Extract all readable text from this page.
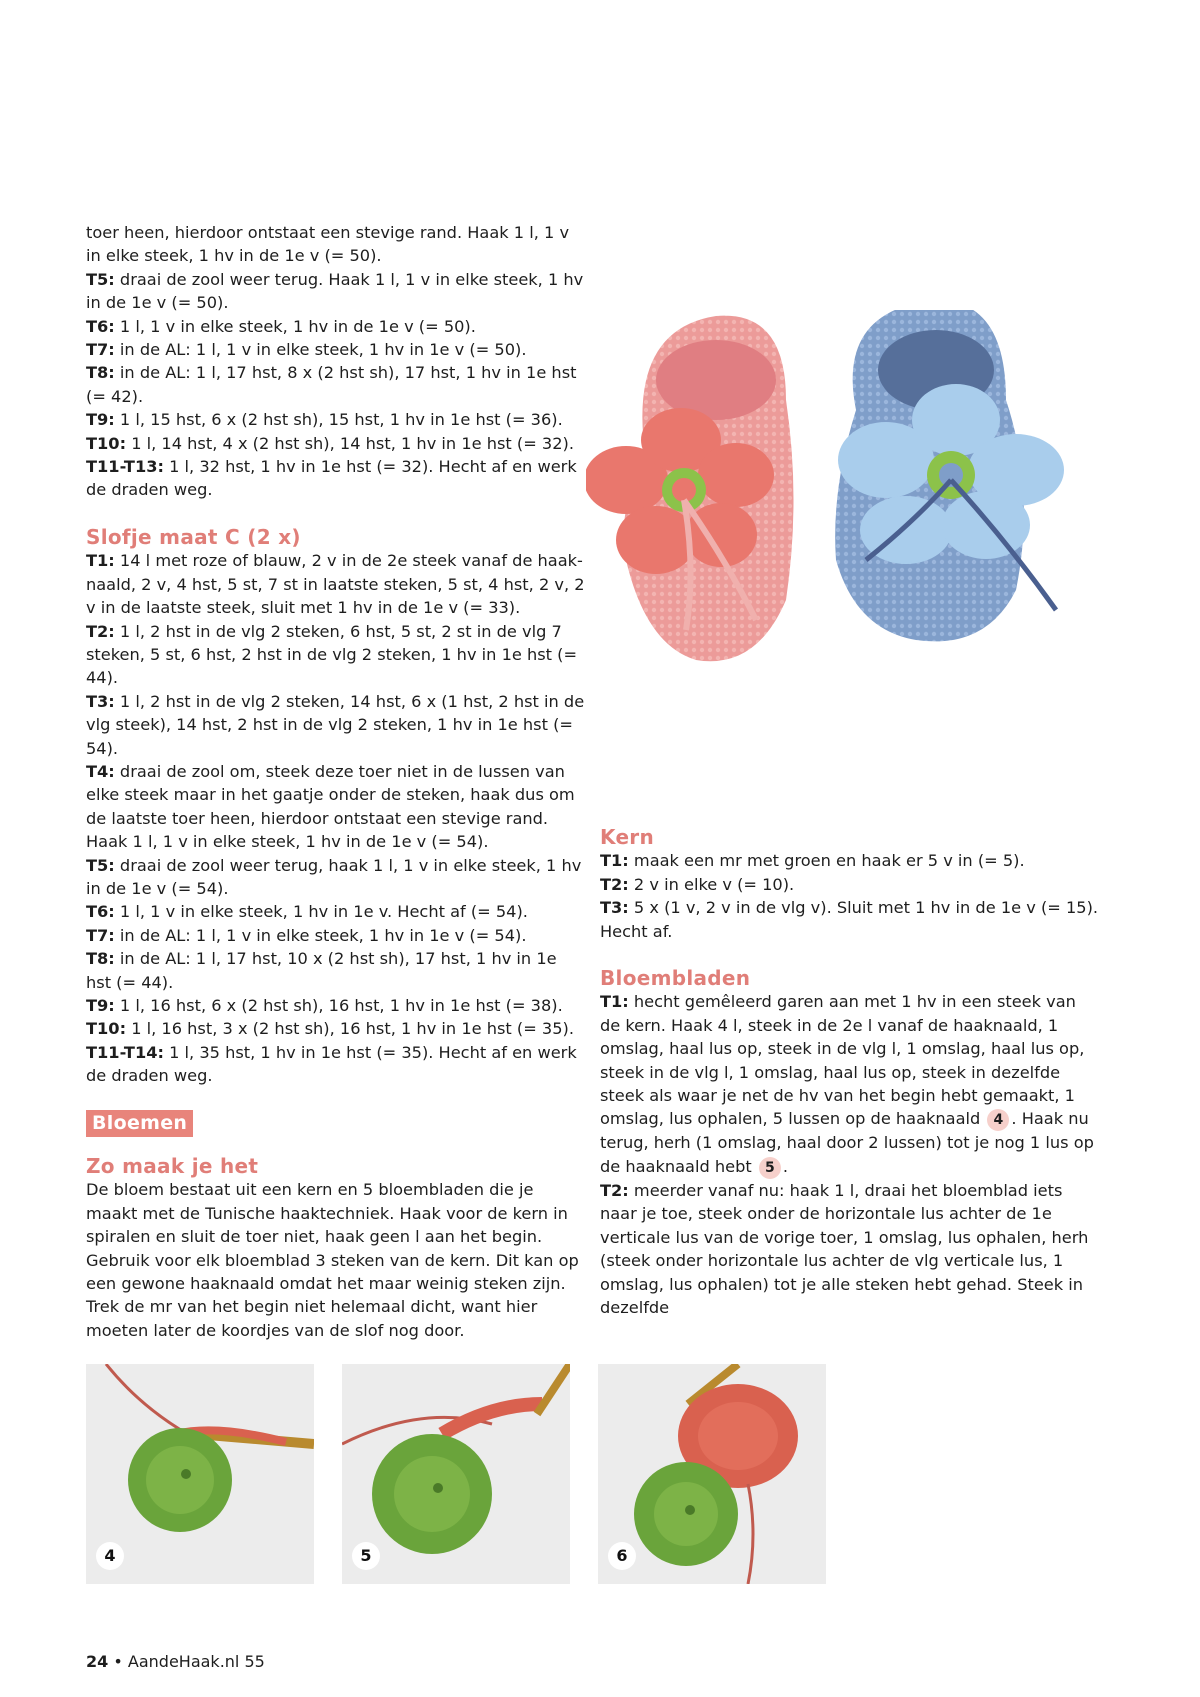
toer heen, hierdoor ontstaat een stevige rand. Haak 1 l, 1 v in elke steek, 1 hv in de 1e v (= 50).

T5: draai de zool weer terug. Haak 1 l, 1 v in elke steek, 1 hv in de 1e v (= 50).

T6: 1 l, 1 v in elke steek, 1 hv in de 1e v (= 50).

T7: in de AL: 1 l, 1 v in elke steek, 1 hv in 1e v (= 50).

T8: in de AL: 1 l, 17 hst, 8 x (2 hst sh), 17 hst, 1 hv in 1e hst (= 42).

T9: 1 l, 15 hst, 6 x (2 hst sh), 15 hst, 1 hv in 1e hst (= 36).

T10: 1 l, 14 hst, 4 x (2 hst sh), 14 hst, 1 hv in 1e hst (= 32).

T11-T13: 1 l, 32 hst, 1 hv in 1e hst (= 32). Hecht af en werk de draden weg.

Slofje maat C (2 x)

T1: 14 l met roze of blauw, 2 v in de 2e steek vanaf de haaknaald, 2 v, 4 hst, 5 st, 7 st in laatste steken, 5 st, 4 hst, 2 v, 2 v in de laatste steek, sluit met 1 hv in de 1e v (= 33).

T2: 1 l, 2 hst in de vlg 2 steken, 6 hst, 5 st, 2 st in de vlg 7 steken, 5 st, 6 hst, 2 hst in de vlg 2 steken, 1 hv in 1e hst (= 44).

T3: 1 l, 2 hst in de vlg 2 steken, 14 hst, 6 x (1 hst, 2 hst in de vlg steek), 14 hst, 2 hst in de vlg 2 steken, 1 hv in 1e hst (= 54).

T4: draai de zool om, steek deze toer niet in de lussen van elke steek maar in het gaatje onder de steken, haak dus om de laatste toer heen, hierdoor ontstaat een stevige rand. Haak 1 l, 1 v in elke steek, 1 hv in de 1e v (= 54).

T5: draai de zool weer terug, haak 1 l, 1 v in elke steek, 1 hv in de 1e v (= 54).

T6: 1 l, 1 v in elke steek, 1 hv in 1e v. Hecht af (= 54).

T7: in de AL: 1 l, 1 v in elke steek, 1 hv in 1e v (= 54).

T8: in de AL: 1 l, 17 hst, 10 x (2 hst sh), 17 hst, 1 hv in 1e hst (= 44).

T9: 1 l, 16 hst, 6 x (2 hst sh), 16 hst, 1 hv in 1e hst (= 38).

T10: 1 l, 16 hst, 3 x (2 hst sh), 16 hst, 1 hv in 1e hst (= 35).

T11-T14: 1 l, 35 hst, 1 hv in 1e hst (= 35). Hecht af en werk de draden weg.

Bloemen
Zo maak je het

De bloem bestaat uit een kern en 5 bloembladen die je maakt met de Tunische haaktechniek. Haak voor de kern in spiralen en sluit de toer niet, haak geen l aan het begin. Gebruik voor elk bloemblad 3 steken van de kern. Dit kan op een gewone haaknaald omdat het maar weinig steken zijn. Trek de mr van het begin niet helemaal dicht, want hier moeten later de koordjes van de slof nog door.

Kern

T1: maak een mr met groen en haak er 5 v in (= 5).

T2: 2 v in elke v (= 10).

T3: 5 x (1 v, 2 v in de vlg v). Sluit met 1 hv in de 1e v (= 15). Hecht af.

Bloembladen

T1: hecht gemêleerd garen aan met 1 hv in een steek van de kern. Haak 4 l, steek in de 2e l vanaf de haaknaald, 1 omslag, haal lus op, steek in de vlg l, 1 omslag, haal lus op, steek in de vlg l, 1 omslag, haal lus op, steek in dezelfde steek als waar je net de hv van het begin hebt gemaakt, 1 omslag, lus ophalen, 5 lussen op de haaknaald 4 . Haak nu terug, herh (1 omslag, haal door 2 lussen) tot je nog 1 lus op de haaknaald hebt 5 .

T2: meerder vanaf nu: haak 1 l, draai het bloemblad iets naar je toe, steek onder de horizontale lus achter de 1e verticale lus van de vorige toer, 1 omslag, lus ophalen, herh (steek onder horizontale lus achter de vlg verticale lus, 1 omslag, lus ophalen) tot je alle steken hebt gehad. Steek in dezelfde

4	5	6
24 • AandeHaak.nl 55
